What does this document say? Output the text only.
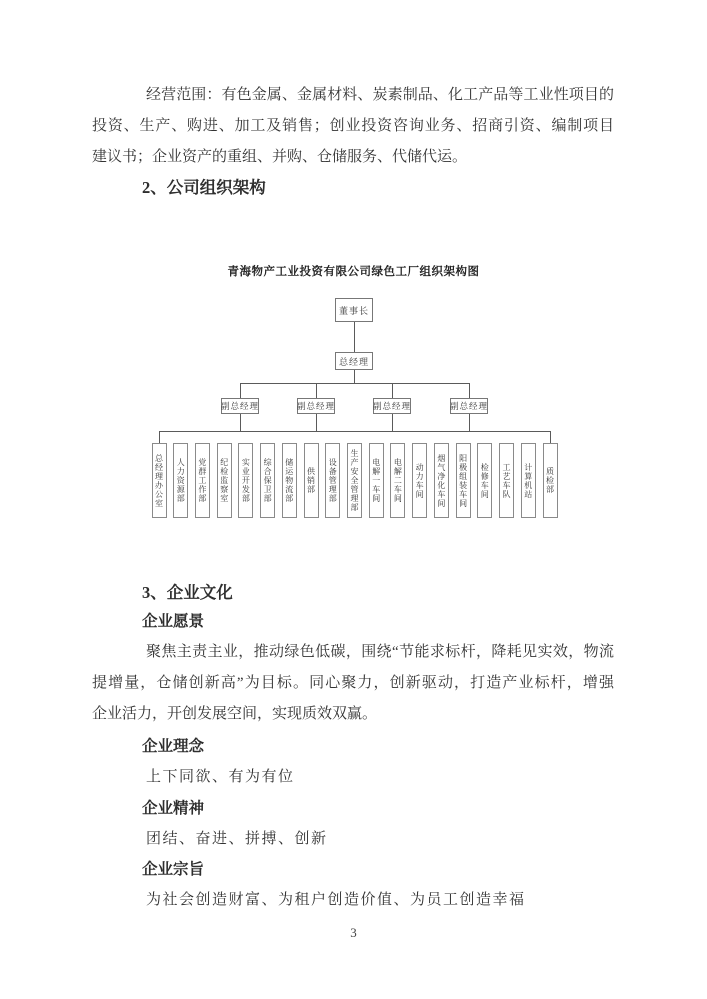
经营范围：有色金属、金属材料、炭素制品、化工产品等工业性项目的
投资、生产、购进、加工及销售；创业投资咨询业务、招商引资、编制项目
建议书；企业资产的重组、并购、仓储服务、代储代运。
2、公司组织架构
青海物产工业投资有限公司绿色工厂组织架构图
董事长
总经理
副总经理	副总经理	副总经理	副总经理
总经理办公室	人力资源部	党群工作部	纪检监察室	实业开发部	综合保卫部	储运物流部	供销部	设备管理部	生产安全管理部	电解一车间	电解二车间	动力车间	烟气净化车间	阳极组装车间	检修车间	工艺车队	计算机站	质检部
3、企业文化
企业愿景
聚焦主责主业，推动绿色低碳，围绕“节能求标杆，降耗见实效，物流
提增量，仓储创新高”为目标。同心聚力，创新驱动，打造产业标杆，增强
企业活力，开创发展空间，实现质效双赢。
企业理念
上下同欲、有为有位
企业精神
团结、奋进、拼搏、创新
企业宗旨
为社会创造财富、为租户创造价值、为员工创造幸福
3
